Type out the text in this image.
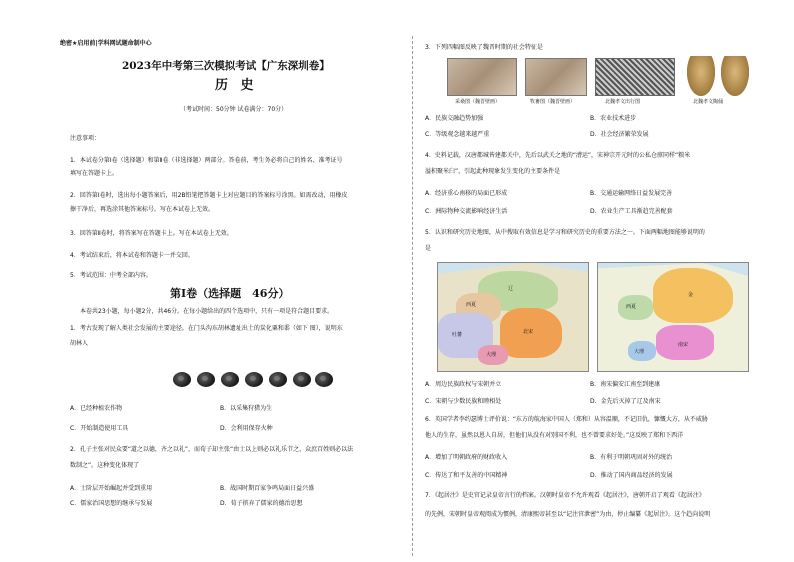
绝密★启用前|学科网试题命制中心
2023年中考第三次模拟考试【广东深圳卷】
历 史
（考试时间：50分钟 试卷满分：70分）
注意事项：
1．本试卷分第Ⅰ卷（选择题）和第Ⅱ卷（非选择题）两部分。答卷前，考生务必将自己的姓名、准考证号
填写在答题卡上。
2．回答第Ⅰ卷时，选出每小题答案后，用2B铅笔把答题卡上对应题目的答案标号涂黑。如需改动，用橡皮
擦干净后，再选涂其他答案标号。写在本试卷上无效。
3．回答第Ⅱ卷时，将答案写在答题卡上。写在本试卷上无效。
4．考试结束后，将本试卷和答题卡一并交回。
5．考试范围：中考全部内容。
第Ⅰ卷（选择题　46分）
本卷共23小题，每小题2分，共46分。在每小题给出的四个选项中，只有一项是符合题目要求。
1．考古发现了解人类社会发展的主要途径。在门头沟东胡林遗址出土的炭化粟和黍（如下 图），说明东
胡林人
A．已经种植农作物	B．以采集狩猎为生
C．开始制造使用工具	D．会利用保存火种
2．孔子主张对民众要“道之以德，齐之以礼”，而荀子却主张“由士以上则必以礼乐节之，众庶百姓则必以法
数制之”。这种变化体现了
A．士阶层开始崛起并受到重用	B．战国时期百家争鸣局面日益兴盛
C．儒家治国思想的继承与发展	D．荀子摈弃了儒家的德治思想
3．下列四幅图反映了魏晋时期的社会特征是
采桑图（魏晋壁画）	牧畜图（魏晋壁画）	北魏孝文出行图	北魏孝文陶俑
A．民族交融趋势加强	B．农业技术进步
C．等级观念越来越严重	D．社会经济繁荣发展
4．史料记载，汉唐都城皆建都关中，先后以武关之地的“漕运”，宋神宗开元时的公私仓廪同样“粮米
溢积聚米臼”，引起此种现象发生变化的主要条件是
A．经济重心南移的局面已形成	B．交通运输网络日益发展完善
C．洲际物种交流影响经济生活	D．农业生产工具渐趋完善配套
5．认识和研究历史地图，从中搜取有效信息是学习和研究历史的重要方法之一。下面两幅地图能够说明的
是
西夏
辽
北宋
吐蕃
大理
西夏
金
南宋
大理
A．周边民族政权与宋朝并立	B．南宋偏安江南至到建康
C．宋朝与少数民族和睦相处	D．金先后灭掉了辽及南宋
6．英国学者李约瑟博士评价说：“东方的航海家中国人（郑和）从容温顺，不记旧仇，慷慨大方，从不威胁
他人的生存，虽然以恩人自居，但他们从没有对别国不利，也不曾要求好处。”这反映了郑和下西洋
A．增加了明朝政府的财政收入	B．有利于明朝巩固对外的统治
C．传达了和平友善的中国精神	D．推动了国内商品经济的发展
7．《起居注》是史官记录皇帝言行的档案。汉朝时皇帝不允许观看《起居注》，唐朝开启了观看《起居注》
的先例，宋朝时皇帝观阅成为惯例，清康熙帝甚至以“记注官泄密”为由，停止编纂《起居注》。这个趋向说明
